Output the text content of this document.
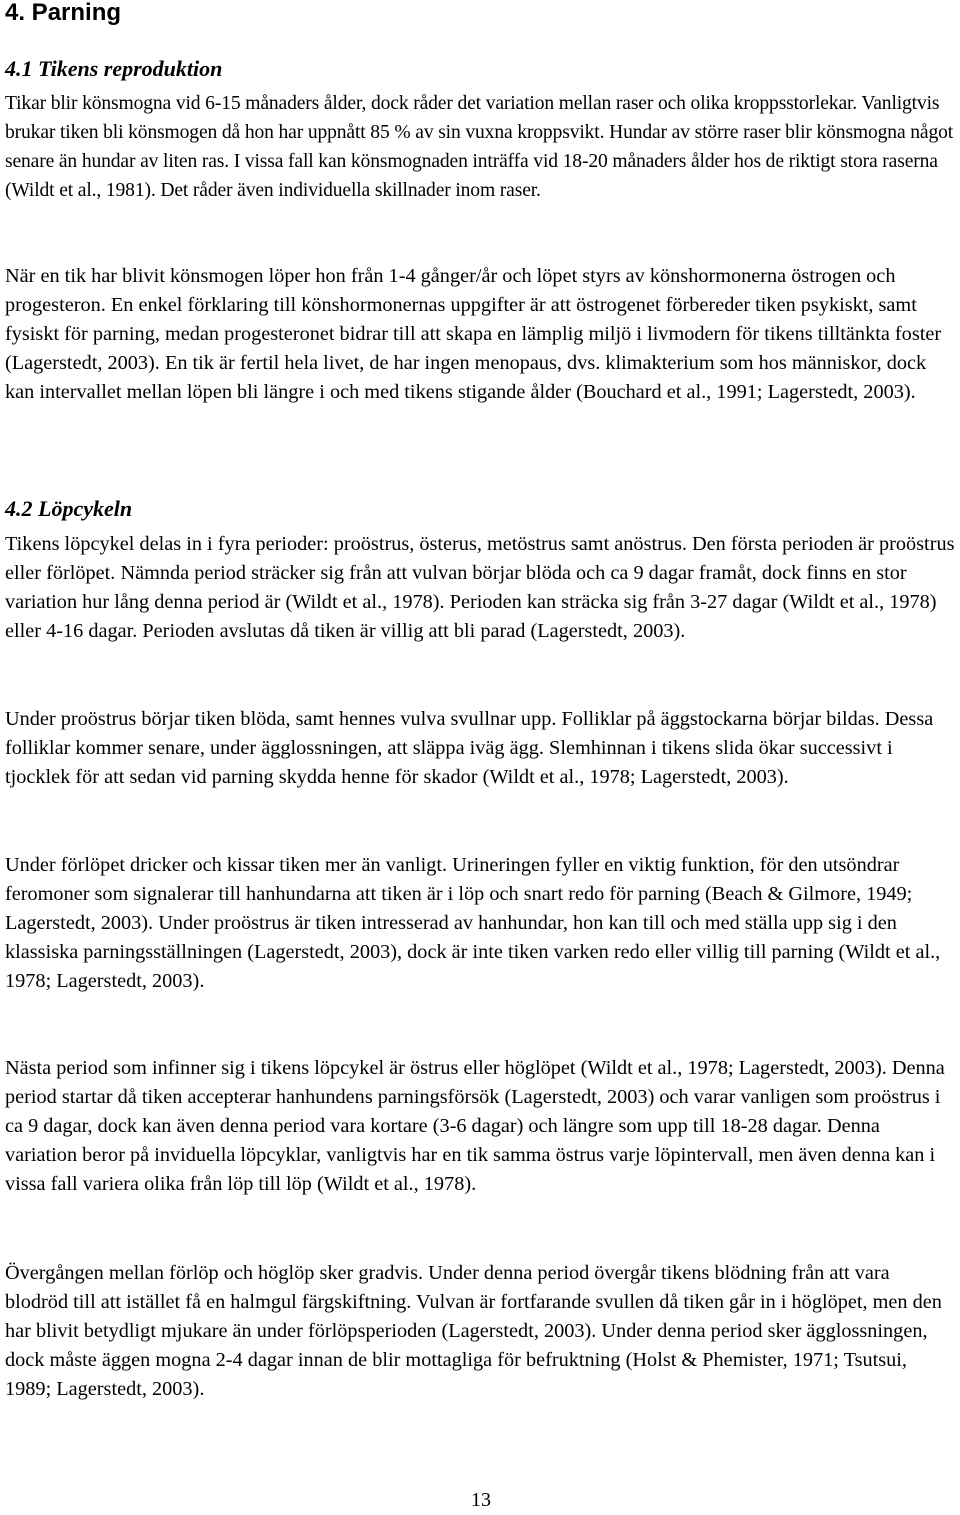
4. Parning
4.1 Tikens reproduktion

Tikar blir könsmogna vid 6-15 månaders ålder, dock råder det variation mellan raser och olika kroppsstorlekar. Vanligtvis brukar tiken bli könsmogen då hon har uppnått 85 % av sin vuxna kroppsvikt. Hundar av större raser blir könsmogna något senare än hundar av liten ras. I vissa fall kan könsmognaden inträffa vid 18-20 månaders ålder hos de riktigt stora raserna (Wildt et al., 1981). Det råder även individuella skillnader inom raser.

När en tik har blivit könsmogen löper hon från 1-4 gånger/år och löpet styrs av könshormonerna östrogen och progesteron. En enkel förklaring till könshormonernas uppgifter är att östrogenet förbereder tiken psykiskt, samt fysiskt för parning, medan progesteronet bidrar till att skapa en lämplig miljö i livmodern för tikens tilltänkta foster (Lagerstedt, 2003). En tik är fertil hela livet, de har ingen menopaus, dvs. klimakterium som hos människor, dock kan intervallet mellan löpen bli längre i och med tikens stigande ålder (Bouchard et al., 1991; Lagerstedt, 2003).

4.2 Löpcykeln

Tikens löpcykel delas in i fyra perioder: proöstrus, österus, metöstrus samt anöstrus. Den första perioden är proöstrus eller förlöpet. Nämnda period sträcker sig från att vulvan börjar blöda och ca 9 dagar framåt, dock finns en stor variation hur lång denna period är (Wildt et al., 1978). Perioden kan sträcka sig från 3-27 dagar (Wildt et al., 1978) eller 4-16 dagar. Perioden avslutas då tiken är villig att bli parad (Lagerstedt, 2003).

Under proöstrus börjar tiken blöda, samt hennes vulva svullnar upp. Folliklar på äggstockarna börjar bildas. Dessa folliklar kommer senare, under ägglossningen, att släppa iväg ägg. Slemhinnan i tikens slida ökar successivt i tjocklek för att sedan vid parning skydda henne för skador (Wildt et al., 1978; Lagerstedt, 2003).

Under förlöpet dricker och kissar tiken mer än vanligt. Urineringen fyller en viktig funktion, för den utsöndrar feromoner som signalerar till hanhundarna att tiken är i löp och snart redo för parning (Beach & Gilmore, 1949; Lagerstedt, 2003). Under proöstrus är tiken intresserad av hanhundar, hon kan till och med ställa upp sig i den klassiska parningsställningen (Lagerstedt, 2003), dock är inte tiken varken redo eller villig till parning (Wildt et al., 1978; Lagerstedt, 2003).

Nästa period som infinner sig i tikens löpcykel är östrus eller höglöpet (Wildt et al., 1978; Lagerstedt, 2003). Denna period startar då tiken accepterar hanhundens parningsförsök (Lagerstedt, 2003) och varar vanligen som proöstrus i ca 9 dagar, dock kan även denna period vara kortare (3-6 dagar) och längre som upp till 18-28 dagar. Denna variation beror på inviduella löpcyklar, vanligtvis har en tik samma östrus varje löpintervall, men även denna kan i vissa fall variera olika från löp till löp (Wildt et al., 1978).

Övergången mellan förlöp och höglöp sker gradvis. Under denna period övergår tikens blödning från att vara blodröd till att istället få en halmgul färgskiftning. Vulvan är fortfarande svullen då tiken går in i höglöpet, men den har blivit betydligt mjukare än under förlöpsperioden (Lagerstedt, 2003). Under denna period sker ägglossningen, dock måste äggen mogna 2-4 dagar innan de blir mottagliga för befruktning (Holst & Phemister, 1971; Tsutsui, 1989; Lagerstedt, 2003).

13
